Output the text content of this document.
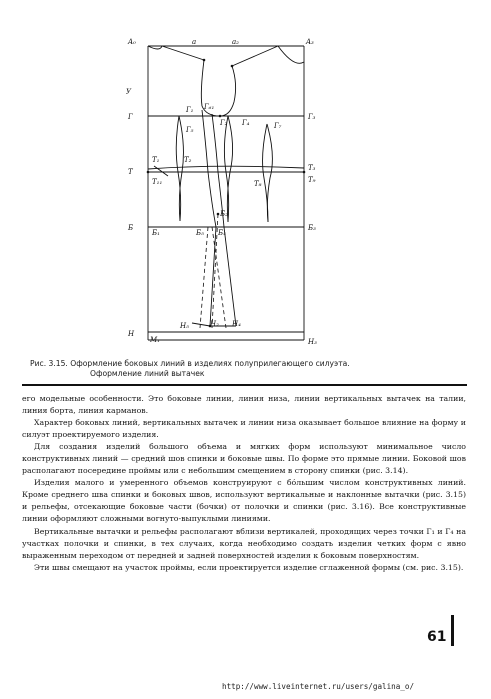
A₀	a	a₂	A₃
У
Г
Г₁ Г₆₁
Г₅
Г₂ Г₄	Г₇
Г₃
Т
Т₁
Т₁₁
Т₂
Т₈
Т₃
Т₉
Б
Б₁	Б₅ Б₄
Б₂
Б₃
Н
М₁
Н₅	Н₂ Н₄
Н₃
Рис. 3.15. Оформление боковых линий в изделиях полуприлегающего силуэта.
Оформление линий вытачек

его модельные особенности. Это боковые линии, линия низа, линии вертикальных вытачек на талии, линия борта, линия карманов.

Характер боковых линий, вертикальных вытачек и линии низа оказывает большое влияние на форму и силуэт проектируемого изделия.

Для создания изделий большого объема и мягких форм используют минимальное число конструктивных линий — средний шов спинки и боковые швы. По форме это прямые линии. Боковой шов располагают посередине проймы или с небольшим смещением в сторону спинки (рис. 3.14).

Изделия малого и умеренного объемов конструируют с бóльшим числом конструктивных линий. Кроме среднего шва спинки и боковых швов, используют вертикальные и наклонные вытачки (рис. 3.15) и рельефы, отсекающие боковые части (бочки) от полочки и спинки (рис. 3.16). Все конструктивные линии оформляют сложными вогнуто-выпуклыми линиями.

Вертикальные вытачки и рельефы располагают вблизи вертикалей, проходящих через точки Г₁ и Г₄ на участках полочки и спинки, в тех случаях, когда необходимо создать изделия четких форм с явно выраженным переходом от передней и задней поверхностей изделия к боковым поверхностям.

Эти швы смещают на участок проймы, если проектируется изделие сглаженной формы (см. рис. 3.15).

61
http://www.liveinternet.ru/users/galina_o/
